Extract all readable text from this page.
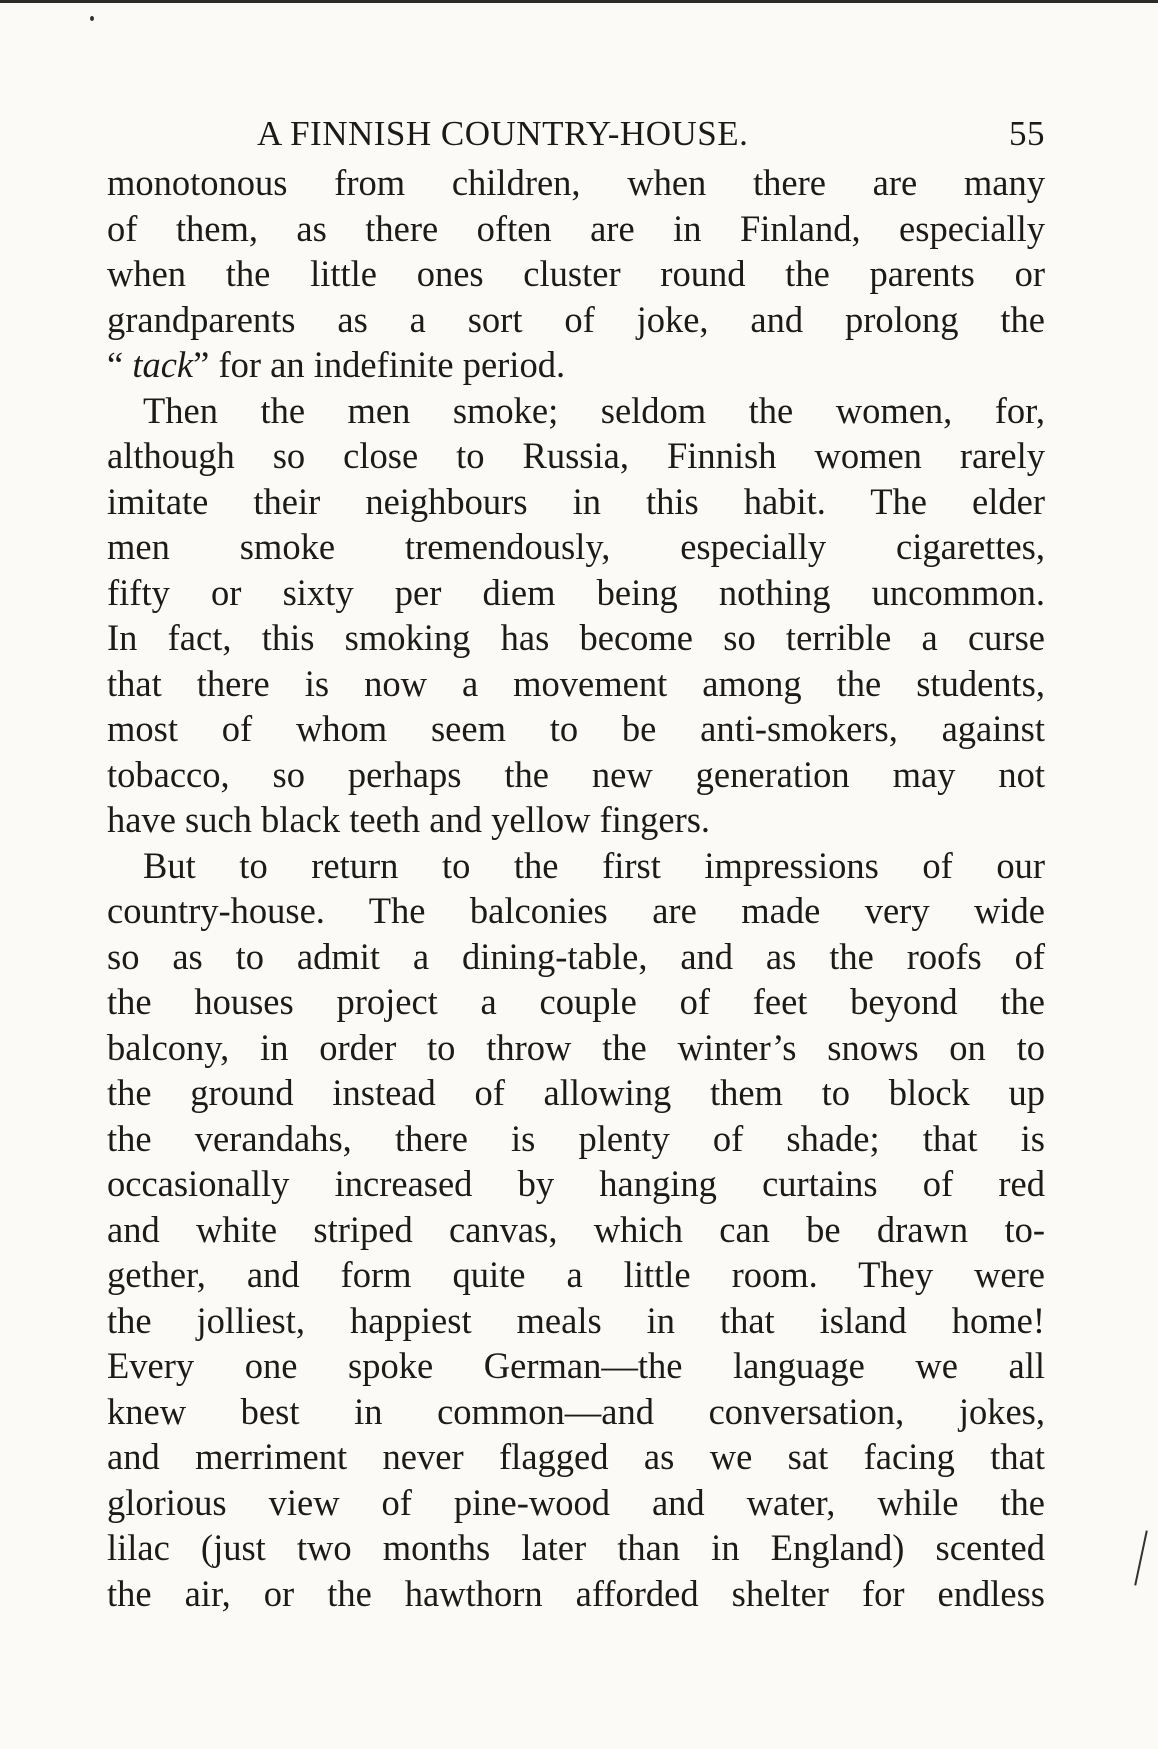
A FINNISH COUNTRY-HOUSE.	55
monotonous from children, when there are many
of them, as there often are in Finland, especially
when the little ones cluster round the parents or
grandparents as a sort of joke, and prolong the
“ tack” for an indefinite period.
Then the men smoke; seldom the women, for,
although so close to Russia, Finnish women rarely
imitate their neighbours in this habit. The elder
men smoke tremendously, especially cigarettes,
fifty or sixty per diem being nothing uncommon.
In fact, this smoking has become so terrible a curse
that there is now a movement among the students,
most of whom seem to be anti-smokers, against
tobacco, so perhaps the new generation may not
have such black teeth and yellow fingers.
But to return to the first impressions of our
country-house. The balconies are made very wide
so as to admit a dining-table, and as the roofs of
the houses project a couple of feet beyond the
balcony, in order to throw the winter’s snows on to
the ground instead of allowing them to block up
the verandahs, there is plenty of shade; that is
occasionally increased by hanging curtains of red
and white striped canvas, which can be drawn to-
gether, and form quite a little room. They were
the jolliest, happiest meals in that island home!
Every one spoke German—the language we all
knew best in common—and conversation, jokes,
and merriment never flagged as we sat facing that
glorious view of pine-wood and water, while the
lilac (just two months later than in England) scented
the air, or the hawthorn afforded shelter for endless
